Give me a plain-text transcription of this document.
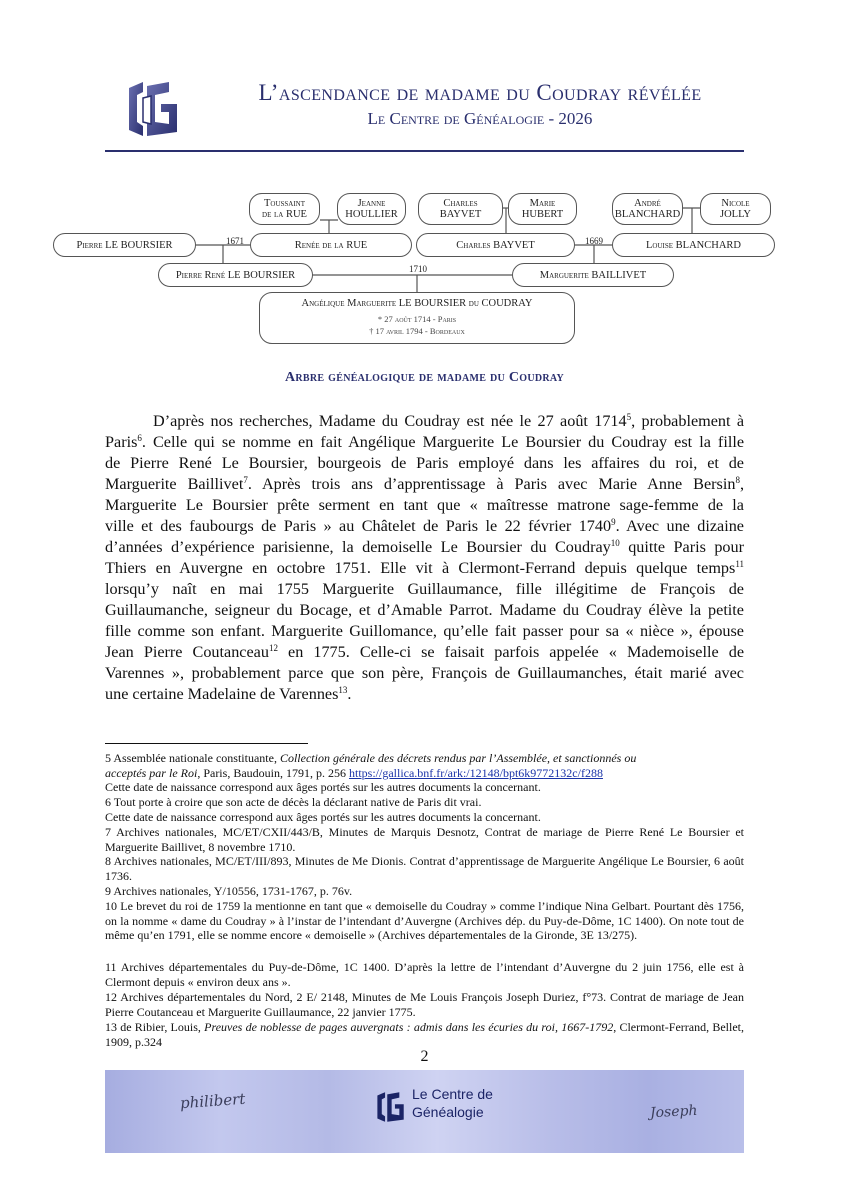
L’ascendance de madame du Coudray révélée
Le Centre de Généalogie - 2026
Toussaint
de la RUE
Jeanne
HOULLIER
Charles
BAYVET
Marie
HUBERT
André
BLANCHARD
Nicole
JOLLY
Pierre LE BOURSIER	Renée de la RUE	Charles BAYVET	Louise BLANCHARD
1671	1669
Pierre René LE BOURSIER	Marguerite BAILLIVET
1710
Angélique Marguerite LE BOURSIER du COUDRAY
* 27 août 1714 - Paris
† 17 avril 1794 - Bordeaux
Arbre généalogique de madame du Coudray
D’après nos recherches, Madame du Coudray est née le 27 août 1714$^5$, probablement à
Paris$^6$. Celle qui se nomme en fait Angélique Marguerite Le Boursier du Coudray est la fille
de Pierre René Le Boursier, bourgeois de Paris employé dans les affaires du roi, et de
Marguerite Baillivet$^7$. Après trois ans d’apprentissage à Paris avec Marie Anne Bersin$^8$,
Marguerite Le Boursier prête serment en tant que « maîtresse matrone sage-femme de la
ville et des faubourgs de Paris » au Châtelet de Paris le 22 février 1740$^9$. Avec une dizaine
d’années d’expérience parisienne, la demoiselle Le Boursier du Coudray$^{10}$ quitte Paris pour
Thiers en Auvergne en octobre 1751. Elle vit à Clermont-Ferrand depuis quelque temps$^{11}$
lorsqu’y naît en mai 1755 Marguerite Guillaumance, fille illégitime de François de
Guillaumanche, seigneur du Bocage, et d’Amable Parrot. Madame du Coudray élève la petite
fille comme son enfant. Marguerite Guillomance, qu’elle fait passer pour sa « nièce », épouse
Jean Pierre Coutanceau$^{12}$ en 1775. Celle-ci se faisait parfois appelée « Mademoiselle de
Varennes », probablement parce que son père, François de Guillaumanches, était marié avec
une certaine Madelaine de Varennes$^{13}$.
5 Assemblée nationale constituante, Collection générale des décrets rendus par l’Assemblée, et sanctionnés ou
acceptés par le Roi, Paris, Baudouin, 1791, p. 256 https://gallica.bnf.fr/ark:/12148/bpt6k9772132c/f288
Cette date de naissance correspond aux âges portés sur les autres documents la concernant.
6 Tout porte à croire que son acte de décès la déclarant native de Paris dit vrai.
Cette date de naissance correspond aux âges portés sur les autres documents la concernant.
7 Archives nationales, MC/ET/CXII/443/B, Minutes de Marquis Desnotz, Contrat de mariage de Pierre René Le Boursier et Marguerite Baillivet, 8 novembre 1710.
8 Archives nationales, MC/ET/III/893, Minutes de Me Dionis. Contrat d’apprentissage de Marguerite Angélique Le Boursier, 6 août 1736.
9 Archives nationales, Y/10556, 1731-1767, p. 76v.
10 Le brevet du roi de 1759 la mentionne en tant que « demoiselle du Coudray » comme l’indique Nina Gelbart. Pourtant dès 1756, on la nomme « dame du Coudray » à l’instar de l’intendant d’Auvergne (Archives dép. du Puy-de-Dôme, 1C 1400). On note tout de même qu’en 1791, elle se nomme encore « demoiselle » (Archives départementales de la Gironde, 3E 13/275).
11 Archives départementales du Puy-de-Dôme, 1C 1400. D’après la lettre de l’intendant d’Auvergne du 2 juin 1756, elle est à Clermont depuis « environ deux ans ».
12 Archives départementales du Nord, 2 E/ 2148, Minutes de Me Louis François Joseph Duriez, f°73. Contrat de mariage de Jean Pierre Coutanceau et Marguerite Guillaumance, 22 janvier 1775.
13 de Ribier, Louis, Preuves de noblesse de pages auvergnats : admis dans les écuries du roi, 1667-1792, Clermont-Ferrand, Bellet, 1909, p.324
2
philibert	Le Centre de
Généalogie	Joseph
